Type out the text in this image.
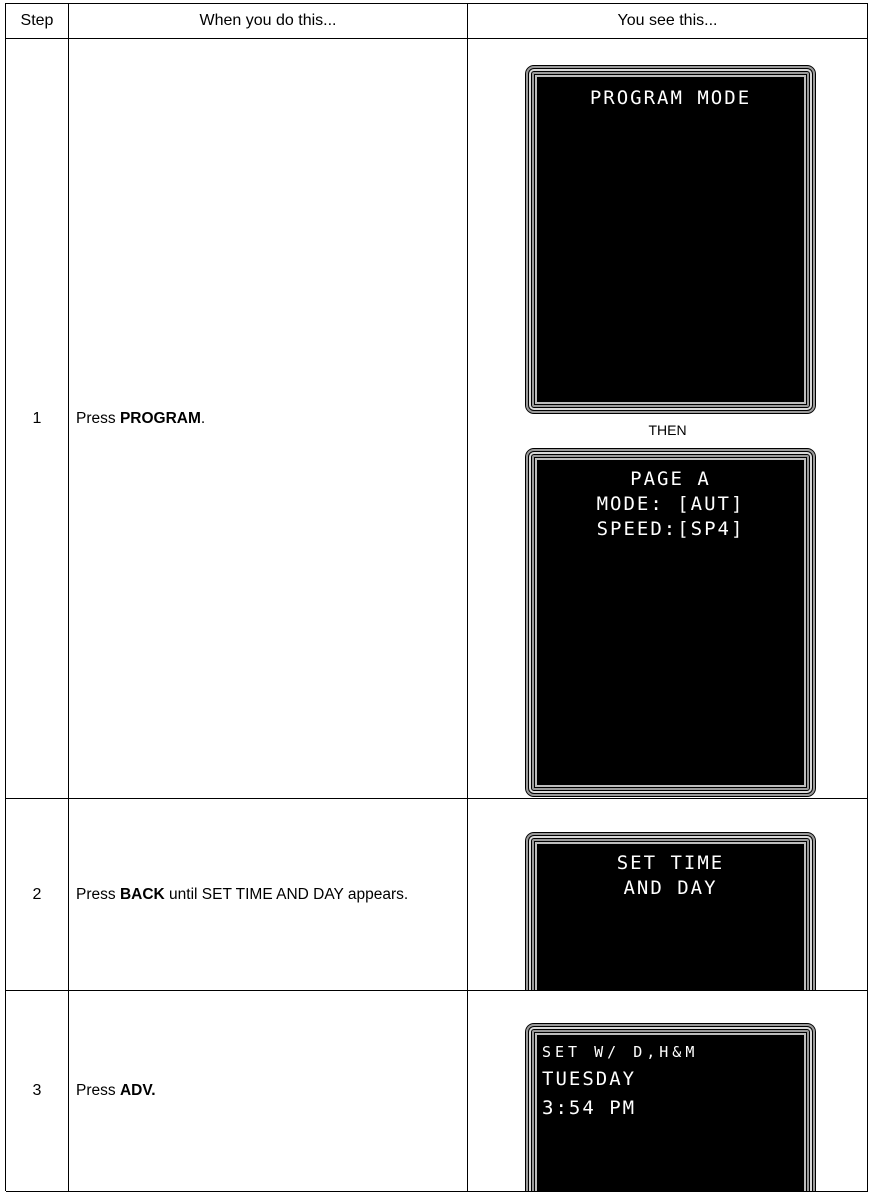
Step	When you do this...	You see this...
1 Press PROGRAM.
PROGRAM MODE
THEN
PAGE A
MODE: [AUT]
SPEED:[SP4]
2 Press BACK until SET TIME AND DAY appears.
SET TIME
AND DAY
3 Press ADV.
SET W/ D,H&M
TUESDAY
3:54 PM
